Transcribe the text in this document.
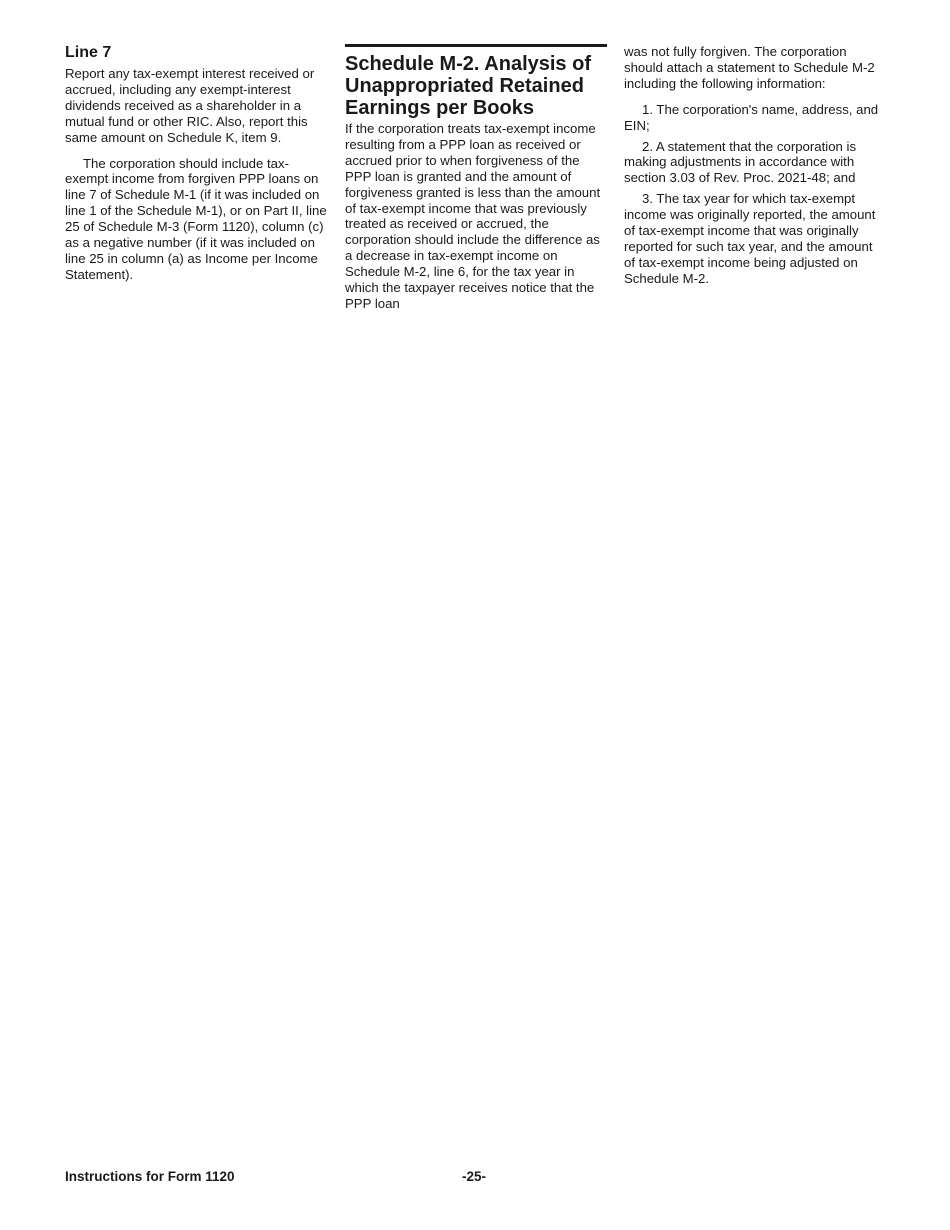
Line 7

Report any tax-exempt interest received or accrued, including any exempt-interest dividends received as a shareholder in a mutual fund or other RIC. Also, report this same amount on Schedule K, item 9.

The corporation should include tax-exempt income from forgiven PPP loans on line 7 of Schedule M-1 (if it was included on line 1 of the Schedule M-1), or on Part II, line 25 of Schedule M-3 (Form 1120), column (c) as a negative number (if it was included on line 25 in column (a) as Income per Income Statement).

Schedule M-2. Analysis of Unappropriated Retained Earnings per Books

If the corporation treats tax-exempt income resulting from a PPP loan as received or accrued prior to when forgiveness of the PPP loan is granted and the amount of forgiveness granted is less than the amount of tax-exempt income that was previously treated as received or accrued, the corporation should include the difference as a decrease in tax-exempt income on Schedule M-2, line 6, for the tax year in which the taxpayer receives notice that the PPP loan

was not fully forgiven. The corporation should attach a statement to Schedule M-2 including the following information:

1. The corporation's name, address, and EIN;

2. A statement that the corporation is making adjustments in accordance with section 3.03 of Rev. Proc. 2021-48; and

3. The tax year for which tax-exempt income was originally reported, the amount of tax-exempt income that was originally reported for such tax year, and the amount of tax-exempt income being adjusted on Schedule M-2.

Instructions for Form 1120	-25-
